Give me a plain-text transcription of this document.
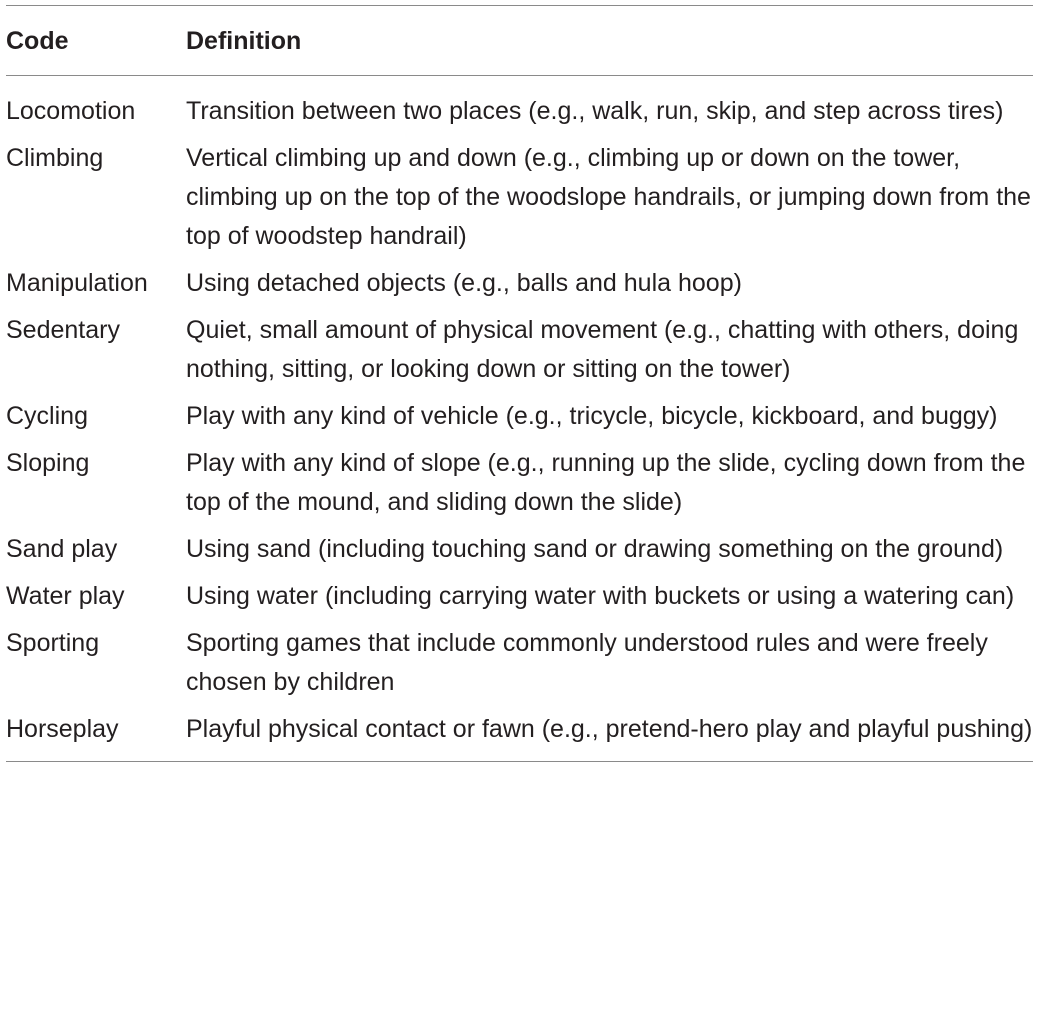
Code	Definition
Locomotion	Transition between two places (e.g., walk, run, skip, and step across tires)
Climbing	Vertical climbing up and down (e.g., climbing up or down on the tower, climbing up on the top of the woodslope handrails, or jumping down from the top of woodstep handrail)
Manipulation	Using detached objects (e.g., balls and hula hoop)
Sedentary	Quiet, small amount of physical movement (e.g., chatting with others, doing nothing, sitting, or looking down or sitting on the tower)
Cycling	Play with any kind of vehicle (e.g., tricycle, bicycle, kickboard, and buggy)
Sloping	Play with any kind of slope (e.g., running up the slide, cycling down from the top of the mound, and sliding down the slide)
Sand play	Using sand (including touching sand or drawing something on the ground)
Water play	Using water (including carrying water with buckets or using a watering can)
Sporting	Sporting games that include commonly understood rules and were freely chosen by children
Horseplay	Playful physical contact or fawn (e.g., pretend-hero play and playful pushing)
